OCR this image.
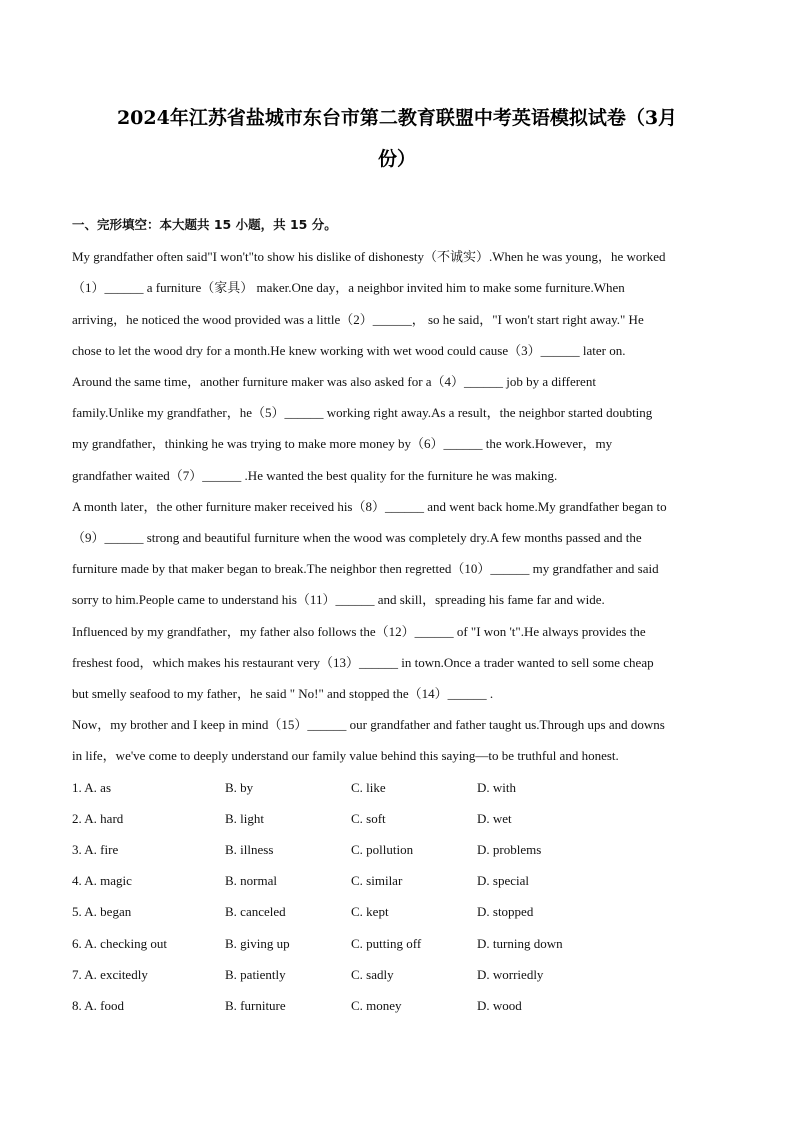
2024年江苏省盐城市东台市第二教育联盟中考英语模拟试卷（3月
份）
一、完形填空：本大题共 15 小题，共 15 分。
My grandfather often said"I won't"to show his dislike of dishonesty（不诚实）.When he was young，he worked
（1）______ a furniture（家具） maker.One day，a neighbor invited him to make some furniture.When
arriving，he noticed the wood provided was a little（2）______， so he said，"I won't start right away." He
chose to let the wood dry for a month.He knew working with wet wood could cause（3）______ later on.
Around the same time，another furniture maker was also asked for a（4）______ job by a different
family.Unlike my grandfather，he（5）______ working right away.As a result，the neighbor started doubting
my grandfather，thinking he was trying to make more money by（6）______ the work.However，my
grandfather waited（7）______ .He wanted the best quality for the furniture he was making.
A month later，the other furniture maker received his（8）______ and went back home.My grandfather began to
（9）______ strong and beautiful furniture when the wood was completely dry.A few months passed and the
furniture made by that maker began to break.The neighbor then regretted（10）______ my grandfather and said
sorry to him.People came to understand his（11）______ and skill，spreading his fame far and wide.
Influenced by my grandfather，my father also follows the（12）______ of "I won 't".He always provides the
freshest food，which makes his restaurant very（13）______ in town.Once a trader wanted to sell some cheap
but smelly seafood to my father，he said " No!" and stopped the（14）______ .
Now，my brother and I keep in mind（15）______ our grandfather and father taught us.Through ups and downs
in life，we've come to deeply understand our family value behind this saying—to be truthful and honest.
1. A. as	B. by	C. like	D. with
2. A. hard	B. light	C. soft	D. wet
3. A. fire	B. illness	C. pollution	D. problems
4. A. magic	B. normal	C. similar	D. special
5. A. began	B. canceled	C. kept	D. stopped
6. A. checking out	B. giving up	C. putting off	D. turning down
7. A. excitedly	B. patiently	C. sadly	D. worriedly
8. A. food	B. furniture	C. money	D. wood
